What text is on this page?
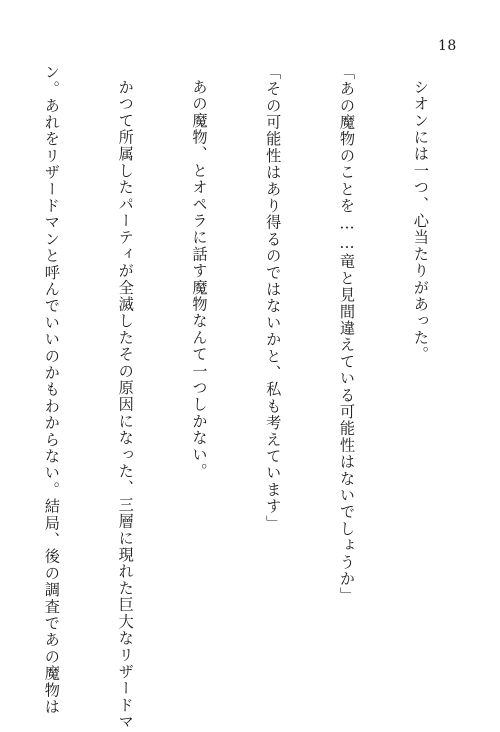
18

シオンには一つ、心当たりがあった。

「あの魔物のことを……竜と見間違えている可能性はないでしょうか」

「その可能性はあり得るのではないかと、私も考えています」

あの魔物、とオペラに話す魔物なんて一つしかない。

かつて所属したパーティが全滅したその原因になった、三層に現れた巨大なリザードマ

ン。あれをリザードマンと呼んでいいのかもわからない。結局、後の調査であの魔物は
